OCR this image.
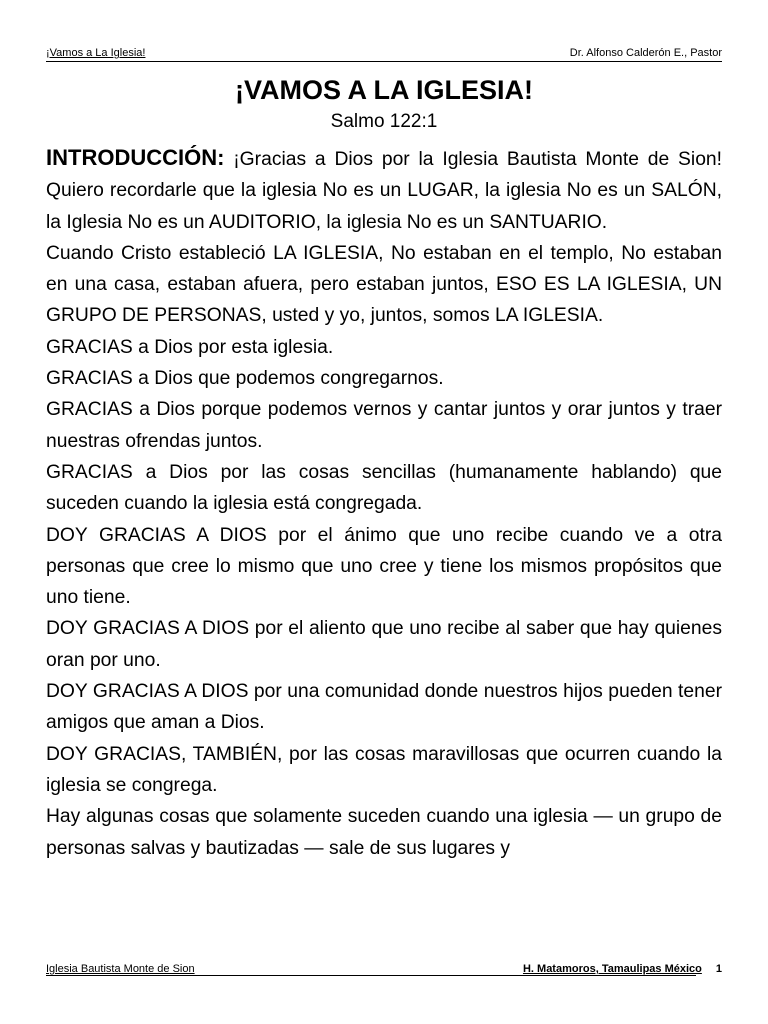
¡Vamos a La Iglesia!	Dr. Alfonso Calderón E., Pastor
¡VAMOS A LA IGLESIA!
Salmo 122:1

INTRODUCCIÓN: ¡Gracias a Dios por la Iglesia Bautista Monte de Sion! Quiero recordarle que la iglesia No es un LUGAR, la iglesia No es un SALÓN, la Iglesia No es un AUDITORIO, la iglesia No es un SANTUARIO.

Cuando Cristo estableció LA IGLESIA, No estaban en el templo, No estaban en una casa, estaban afuera, pero estaban juntos, ESO ES LA IGLESIA, UN GRUPO DE PERSONAS, usted y yo, juntos, somos LA IGLESIA.

GRACIAS a Dios por esta iglesia.

GRACIAS a Dios que podemos congregarnos.

GRACIAS a Dios porque podemos vernos y cantar juntos y orar juntos y traer nuestras ofrendas juntos.

GRACIAS a Dios por las cosas sencillas (humanamente hablando) que suceden cuando la iglesia está congregada.

DOY GRACIAS A DIOS por el ánimo que uno recibe cuando ve a otra personas que cree lo mismo que uno cree y tiene los mismos propósitos que uno tiene.

DOY GRACIAS A DIOS por el aliento que uno recibe al saber que hay quienes oran por uno.

DOY GRACIAS A DIOS por una comunidad donde nuestros hijos pueden tener amigos que aman a Dios.

DOY GRACIAS, TAMBIÉN, por las cosas maravillosas que ocurren cuando la iglesia se congrega.

Hay algunas cosas que solamente suceden cuando una iglesia — un grupo de personas salvas y bautizadas — sale de sus lugares y

Iglesia Bautista Monte de Sion	H. Matamoros, Tamaulipas México 1
